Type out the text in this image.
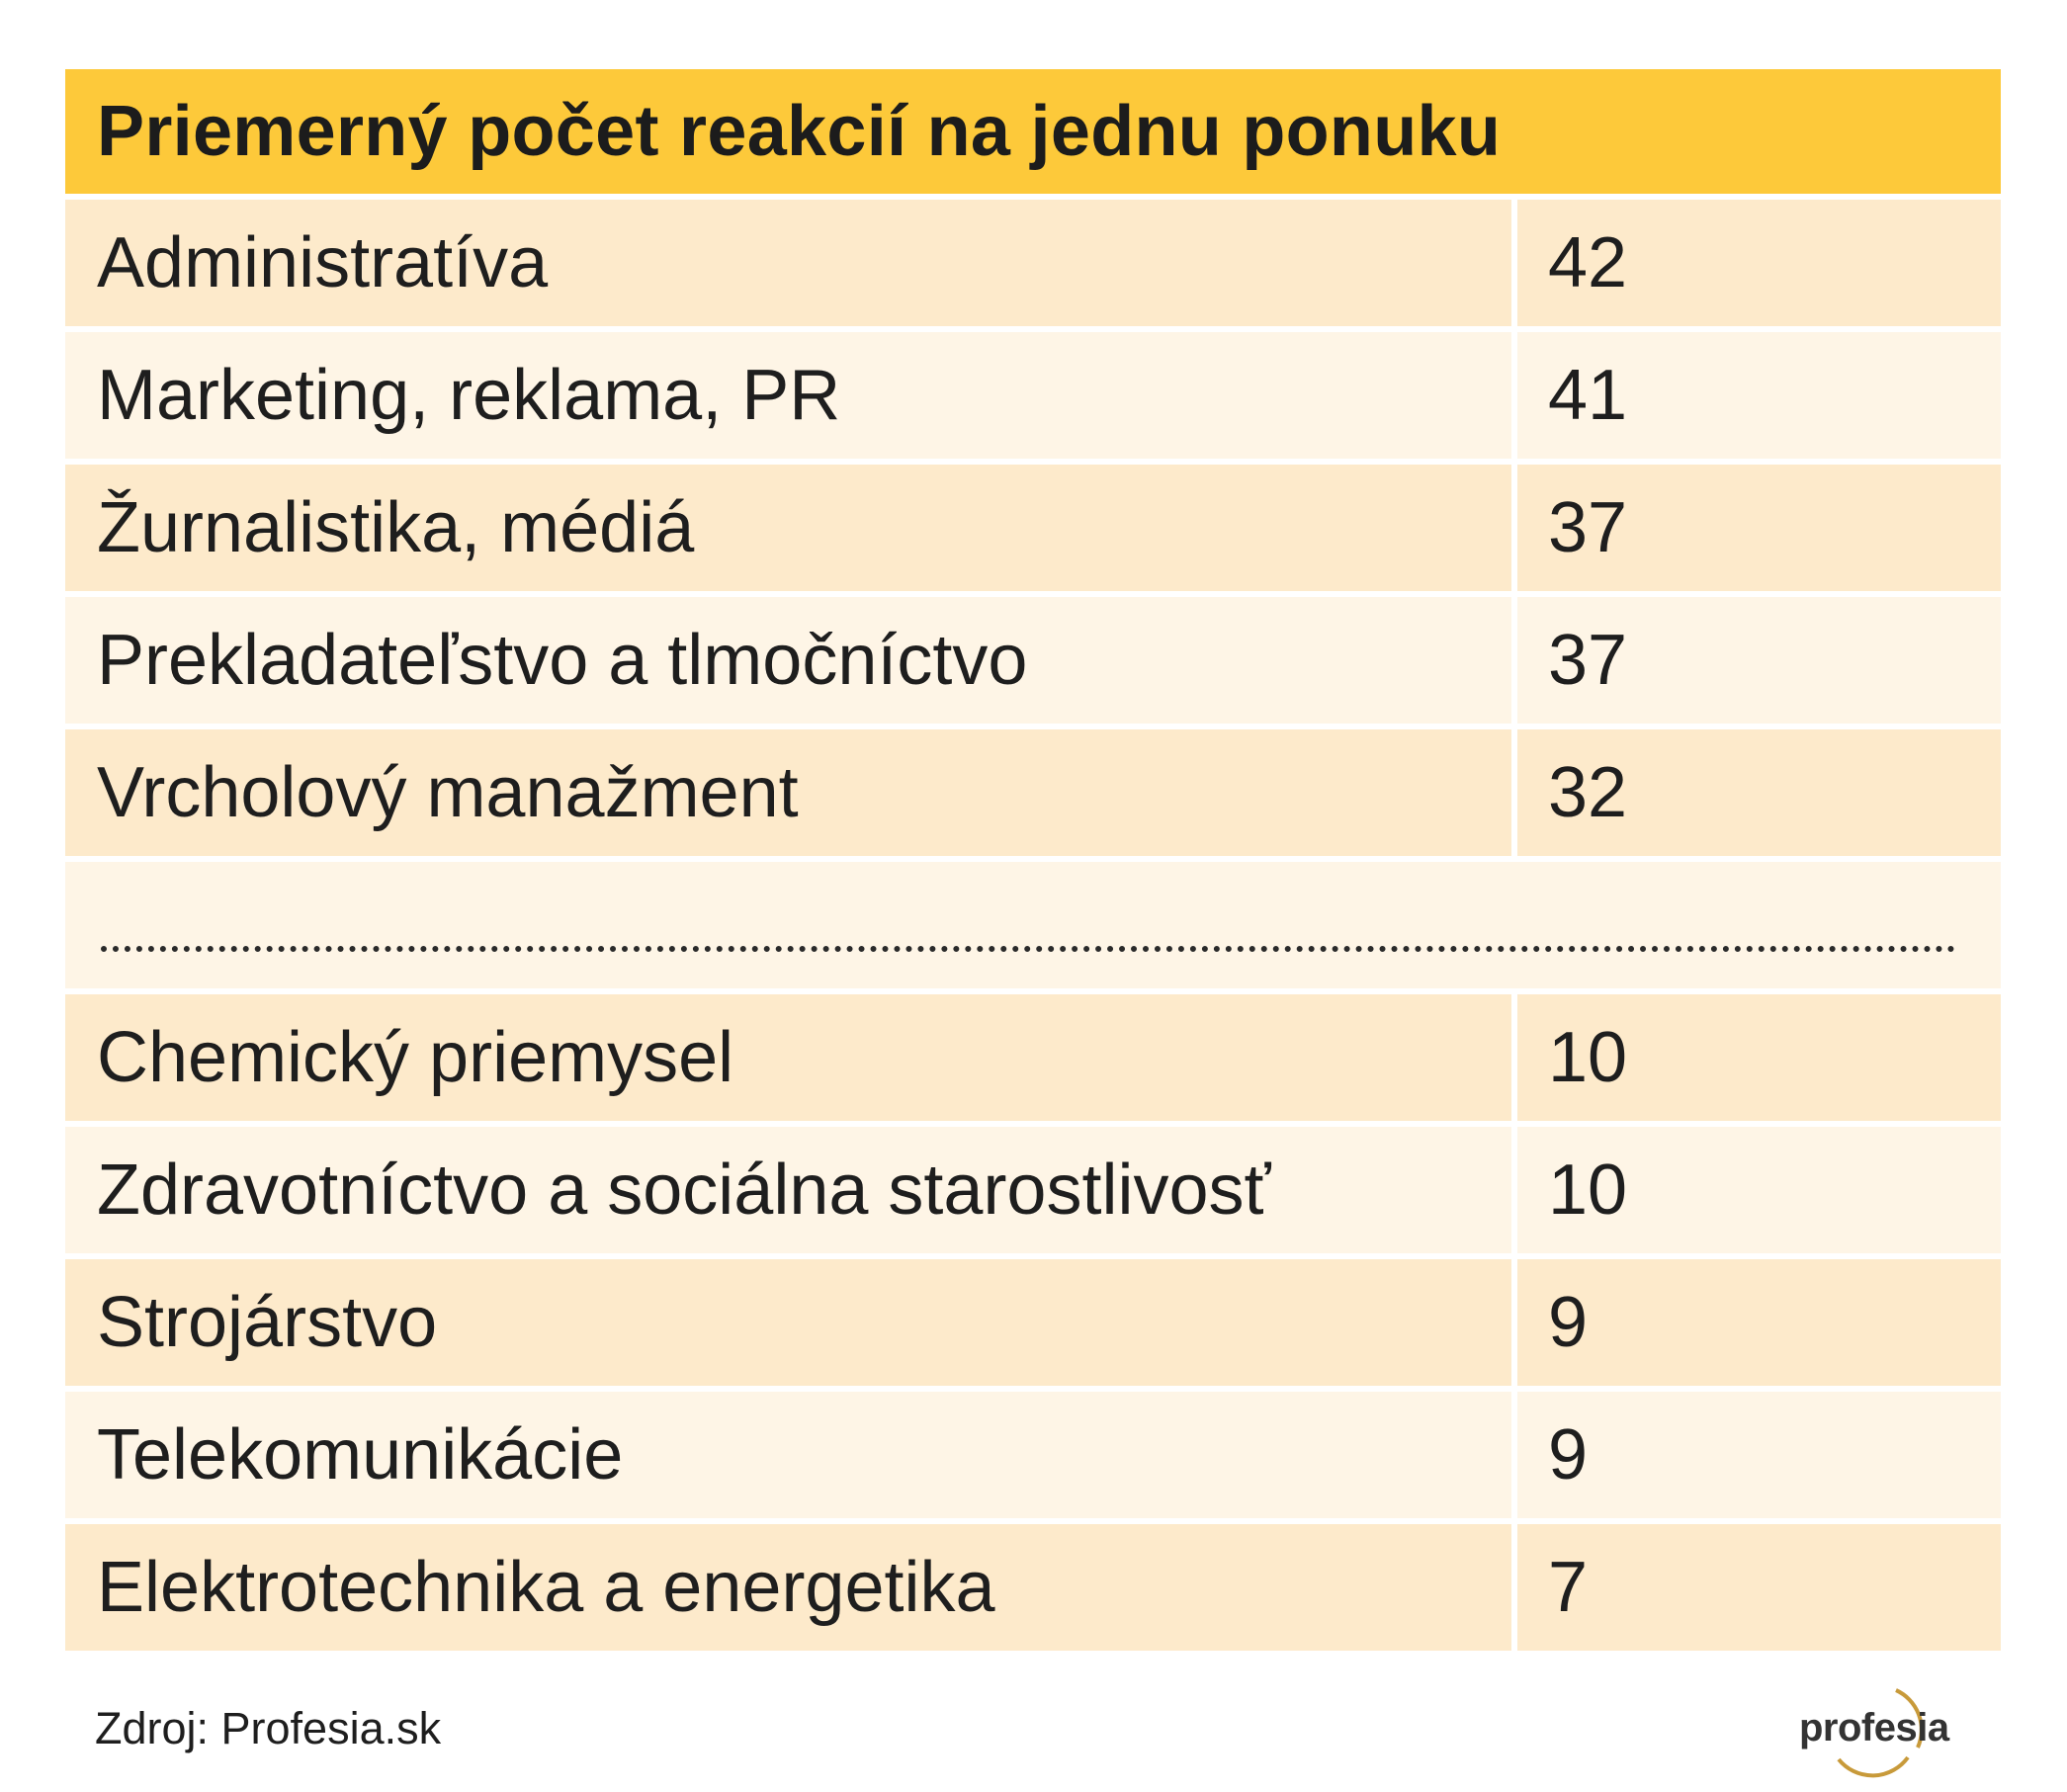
Priemerný počet reakcií na jednu ponuku
Administratíva	42
Marketing, reklama, PR	41
Žurnalistika, médiá	37
Prekladateľstvo a tlmočníctvo	37
Vrcholový manažment	32
Chemický priemysel	10
Zdravotníctvo a sociálna starostlivosť	10
Strojárstvo	9
Telekomunikácie	9
Elektrotechnika a energetika	7
Zdroj: Profesia.sk	profesia
